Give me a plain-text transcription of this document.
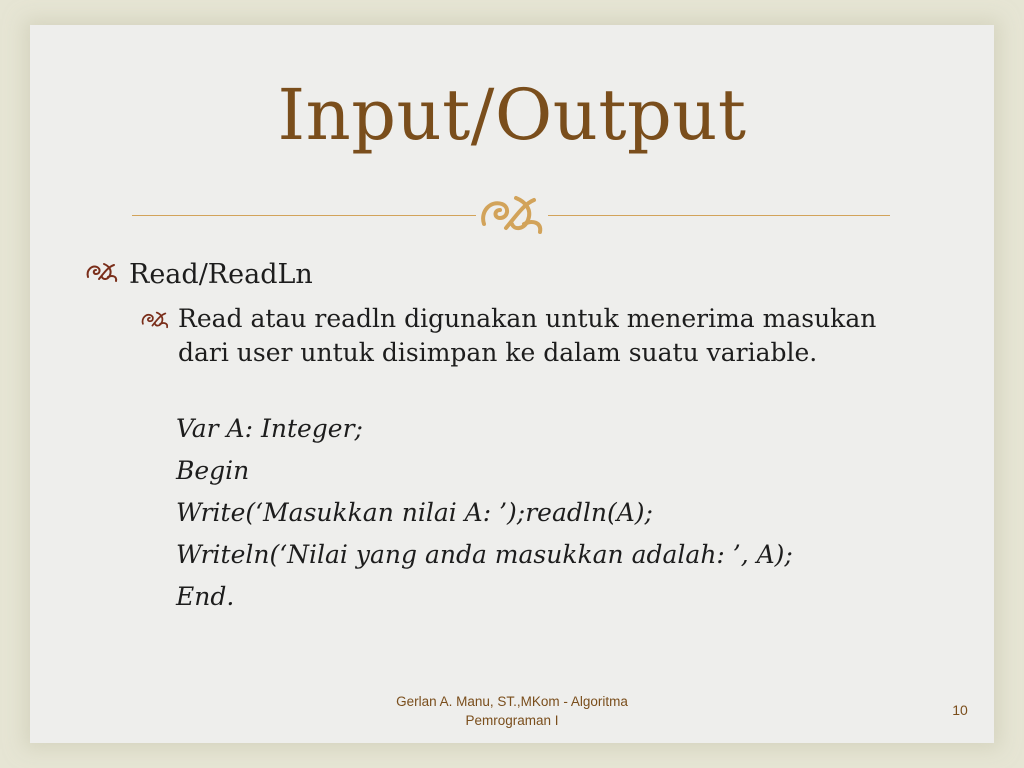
Input/Output
Read/ReadLn
Read atau readln digunakan untuk menerima masukan dari user untuk disimpan ke dalam suatu variable.
Var A: Integer;
Begin
Write(‘Masukkan nilai A: ’);readln(A);
Writeln(‘Nilai yang anda masukkan adalah: ’, A);
End.
Gerlan A. Manu, ST.,MKom - Algoritma
Pemrograman I
10
